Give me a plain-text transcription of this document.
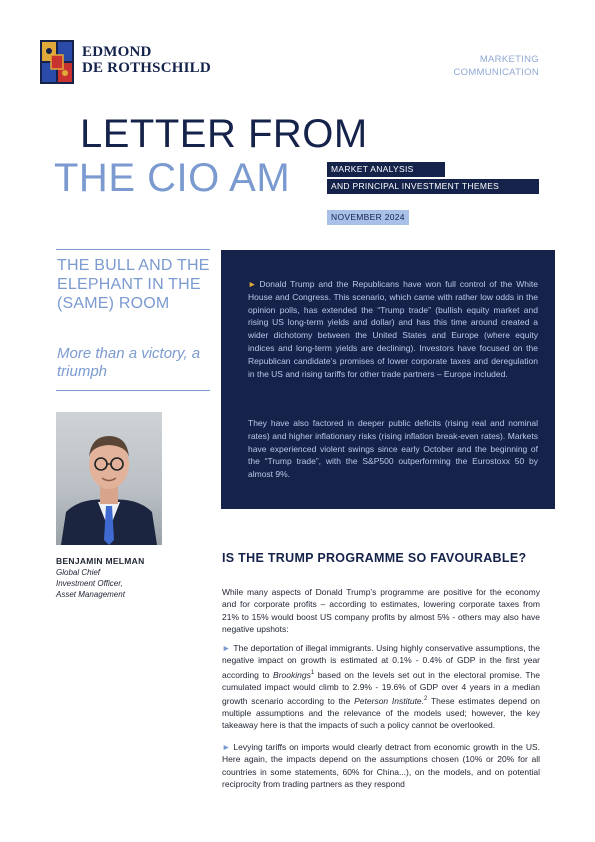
EDMOND
DE ROTHSCHILD
MARKETING
COMMUNICATION
LETTER FROM
THE CIO AM	MARKET ANALYSIS
AND PRINCIPAL INVESTMENT THEMES
NOVEMBER 2024
THE BULL AND THE ELEPHANT IN THE (SAME) ROOM
More than a victory, a triumph
BENJAMIN MELMAN
Global Chief
Investment Officer,
Asset Management

► Donald Trump and the Republicans have won full control of the White House and Congress. This scenario, which came with rather low odds in the opinion polls, has extended the “Trump trade” (bullish equity market and rising US long-term yields and dollar) and has this time around created a wider dichotomy between the United States and Europe (where equity indices and long-term yields are declining). Investors have focused on the Republican candidate’s promises of lower corporate taxes and deregulation in the US and rising tariffs for other trade partners – Europe included.

They have also factored in deeper public deficits (rising real and nominal rates) and higher inflationary risks (rising inflation break-even rates). Markets have experienced violent swings since early October and the beginning of the “Trump trade”, with the S&P500 outperforming the Eurostoxx 50 by almost 9%.

IS THE TRUMP PROGRAMME SO FAVOURABLE?

While many aspects of Donald Trump’s programme are positive for the economy and for corporate profits – according to estimates, lowering corporate taxes from 21% to 15% would boost US company profits by almost 5% - others may also have negative upshots:

► The deportation of illegal immigrants. Using highly conservative assumptions, the negative impact on growth is estimated at 0.1% - 0.4% of GDP in the first year according to Brookings$^1$ based on the levels set out in the electoral promise. The cumulated impact would climb to 2.9% - 19.6% of GDP over 4 years in a median growth scenario according to the Peterson Institute.$^2$ These estimates depend on multiple assumptions and the relevance of the models used; however, the key takeaway here is that the impacts of such a policy cannot be overlooked.

► Levying tariffs on imports would clearly detract from economic growth in the US. Here again, the impacts depend on the assumptions chosen (10% or 20% for all countries in some statements, 60% for China...), on the models, and on potential reciprocity from trading partners as they respond
